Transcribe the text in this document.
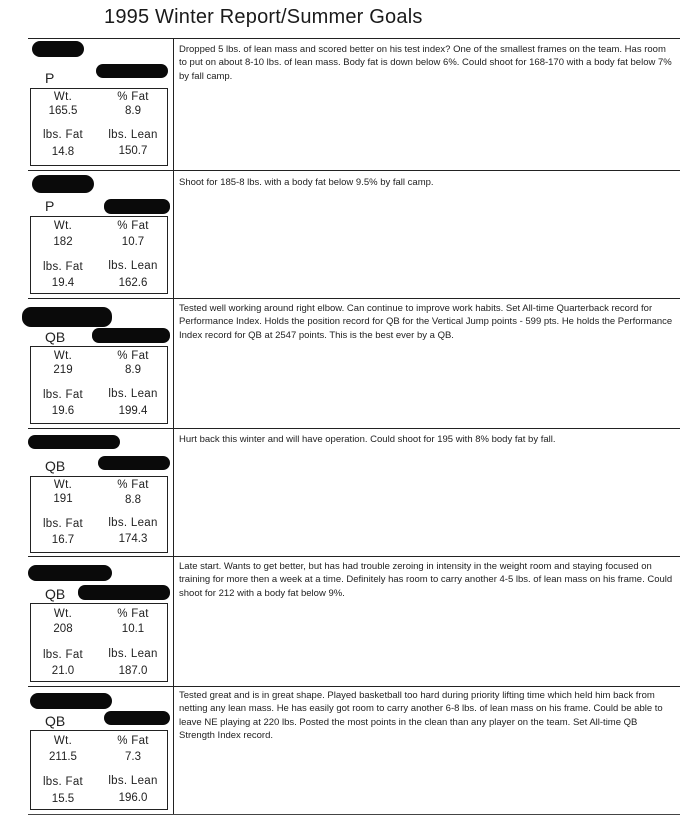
1995 Winter Report/Summer Goals
P
Wt.	% Fat
165.5	8.9
lbs. Fat	lbs. Lean
14.8	150.7
Dropped 5 lbs. of lean mass and scored better on his test index? One of the smallest frames on the team. Has room to put on about 8-10 lbs. of lean mass. Body fat is down below 6%. Could shoot for 168-170 with a body fat below 7% by fall camp.
P
Wt.	% Fat
182	10.7
lbs. Fat	lbs. Lean
19.4	162.6
Shoot for 185-8 lbs. with a body fat below 9.5% by fall camp.
QB
Wt.	% Fat
219	8.9
lbs. Fat	lbs. Lean
19.6	199.4
Tested well working around right elbow. Can continue to improve work habits. Set All-time Quarterback record for Performance Index. Holds the position record for QB for the Vertical Jump points - 599 pts. He holds the Performance Index record for QB at 2547 points. This is the best ever by a QB.
QB
Wt.	% Fat
191	8.8
lbs. Fat	lbs. Lean
16.7	174.3
Hurt back this winter and will have operation. Could shoot for 195 with 8% body fat by fall.
QB
Wt.	% Fat
208	10.1
lbs. Fat	lbs. Lean
21.0	187.0
Late start. Wants to get better, but has had trouble zeroing in intensity in the weight room and staying focused on training for more then a week at a time. Definitely has room to carry another 4-5 lbs. of lean mass on his frame. Could shoot for 212 with a body fat below 9%.
QB
Wt.	% Fat
211.5	7.3
lbs. Fat	lbs. Lean
15.5	196.0
Tested great and is in great shape. Played basketball too hard during priority lifting time which held him back from netting any lean mass. He has easily got room to carry another 6-8 lbs. of lean mass on his frame. Could be able to leave NE playing at 220 lbs. Posted the most points in the clean than any player on the team. Set All-time QB Strength Index record.
